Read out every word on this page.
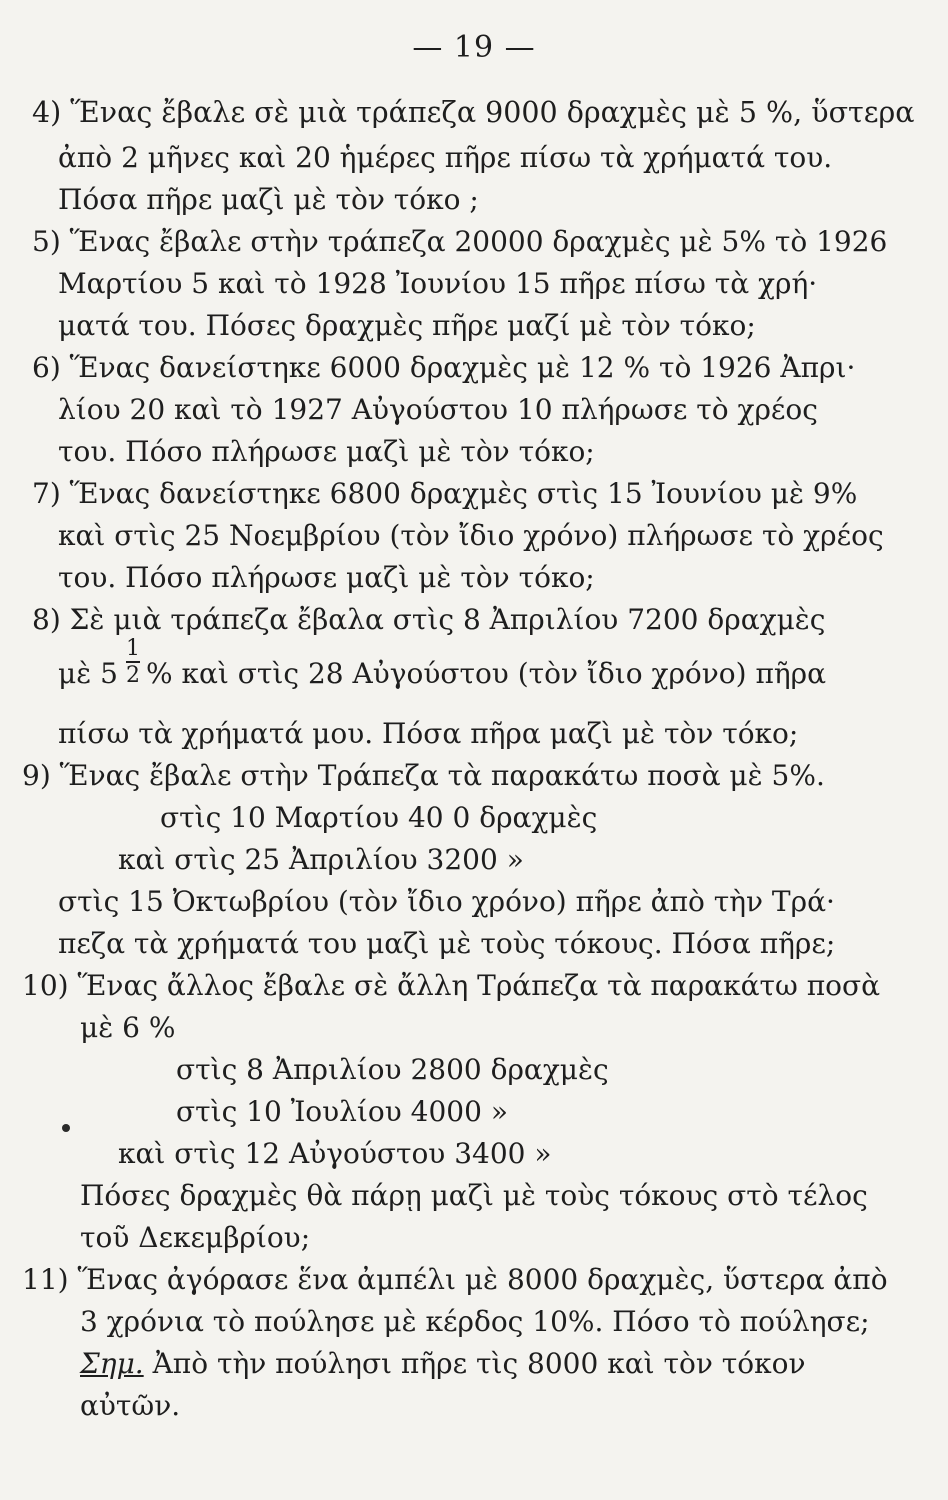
— 19 —
4) Ἕνας ἔβαλε σὲ μιὰ τράπεζα 9000 δραχμὲς μὲ 5 %, ὕστερα
ἀπὸ 2 μῆνες καὶ 20 ἡμέρες πῆρε πίσω τὰ χρήματά του.
Πόσα πῆρε μαζὶ μὲ τὸν τόκο ;
5) Ἕνας ἔβαλε στὴν τράπεζα 20000 δραχμὲς μὲ 5% τὸ 1926
Μαρτίου 5 καὶ τὸ 1928 Ἰουνίου 15 πῆρε πίσω τὰ χρή·
ματά του. Πόσες δραχμὲς πῆρε μαζί μὲ τὸν τόκο;
6) Ἕνας δανείστηκε 6000 δραχμὲς μὲ 12 % τὸ 1926 Ἀπρι·
λίου 20 καὶ τὸ 1927 Αὐγούστου 10 πλήρωσε τὸ χρέος
του. Πόσο πλήρωσε μαζὶ μὲ τὸν τόκο;
7) Ἕνας δανείστηκε 6800 δραχμὲς στὶς 15 Ἰουνίου μὲ 9%
καὶ στὶς 25 Νοεμβρίου (τὸν ἴδιο χρόνο) πλήρωσε τὸ χρέος
του. Πόσο πλήρωσε μαζὶ μὲ τὸν τόκο;
8) Σὲ μιὰ τράπεζα ἔβαλα στὶς 8 Ἀπριλίου 7200 δραχμὲς
μὲ 5
1
2 % καὶ στὶς 28 Αὐγούστου (τὸν ἴδιο χρόνο) πῆρα
πίσω τὰ χρήματά μου. Πόσα πῆρα μαζὶ μὲ τὸν τόκο;
9) Ἕνας ἔβαλε στὴν Τράπεζα τὰ παρακάτω ποσὰ μὲ 5%.
στὶς 10 Μαρτίου 40 0 δραχμὲς
καὶ στὶς 25 Ἀπριλίου 3200 »
στὶς 15 Ὀκτωβρίου (τὸν ἴδιο χρόνο) πῆρε ἀπὸ τὴν Τρά·
πεζα τὰ χρήματά του μαζὶ μὲ τοὺς τόκους. Πόσα πῆρε;
10) Ἕνας ἄλλος ἔβαλε σὲ ἄλλη Τράπεζα τὰ παρακάτω ποσὰ
μὲ 6 %
στὶς 8 Ἀπριλίου 2800 δραχμὲς
στὶς 10 Ἰουλίου 4000 »
καὶ στὶς 12 Αὐγούστου 3400 »
Πόσες δραχμὲς θὰ πάρῃ μαζὶ μὲ τοὺς τόκους στὸ τέλος
τοῦ Δεκεμβρίου;
11) Ἕνας ἀγόρασε ἕνα ἀμπέλι μὲ 8000 δραχμὲς, ὕστερα ἀπὸ
3 χρόνια τὸ πούλησε μὲ κέρδος 10%. Πόσο τὸ πούλησε;
Σημ. Ἀπὸ τὴν πούλησι πῆρε τὶς 8000 καὶ τὸν τόκον
αὐτῶν.
